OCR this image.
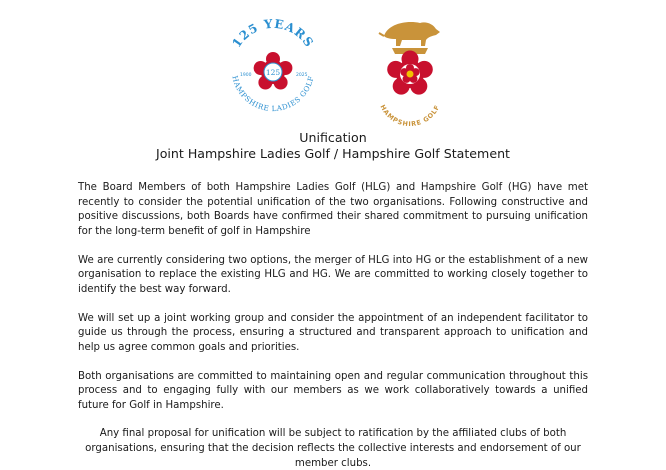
125 YEARS
HAMPSHIRE LADIES GOLF
1900	2025
125
HAMPSHIRE GOLF
Unification
Joint Hampshire Ladies Golf / Hampshire Golf Statement

The Board Members of both Hampshire Ladies Golf (HLG) and Hampshire Golf (HG) have met recently to consider the potential unification of the two organisations. Following constructive and positive discussions, both Boards have confirmed their shared commitment to pursuing unification for the long-term benefit of golf in Hampshire

We are currently considering two options, the merger of HLG into HG or the establishment of a new organisation to replace the existing HLG and HG. We are committed to working closely together to identify the best way forward.

We will set up a joint working group and consider the appointment of an independent facilitator to guide us through the process, ensuring a structured and transparent approach to unification and help us agree common goals and priorities.

Both organisations are committed to maintaining open and regular communication throughout this process and to engaging fully with our members as we work collaboratively towards a unified future for Golf in Hampshire.

Any final proposal for unification will be subject to ratification by the affiliated clubs of both organisations, ensuring that the decision reflects the collective interests and endorsement of our member clubs.
